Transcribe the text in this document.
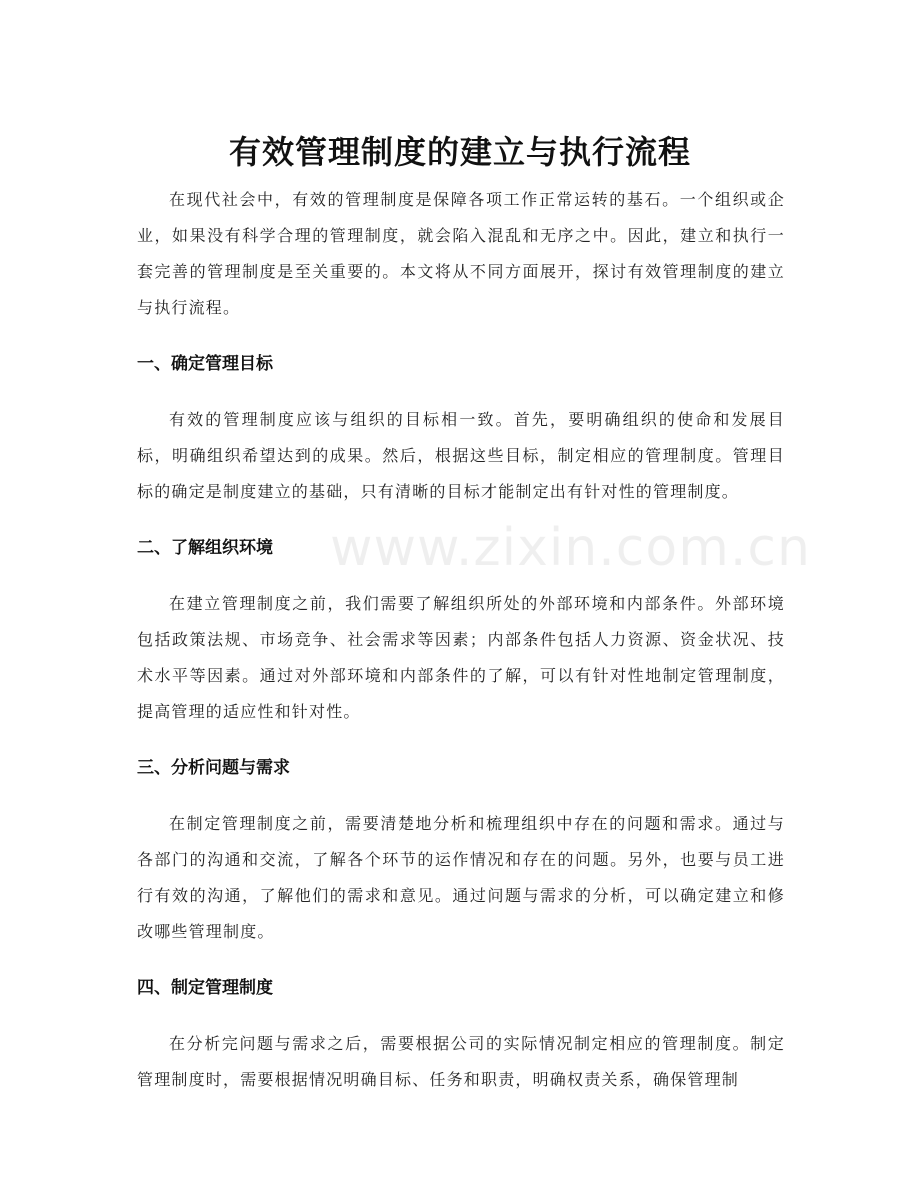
www.zixin.com.cn
有效管理制度的建立与执行流程

在现代社会中，有效的管理制度是保障各项工作正常运转的基石。一个组织或企业，如果没有科学合理的管理制度，就会陷入混乱和无序之中。因此，建立和执行一套完善的管理制度是至关重要的。本文将从不同方面展开，探讨有效管理制度的建立与执行流程。

一、确定管理目标

有效的管理制度应该与组织的目标相一致。首先，要明确组织的使命和发展目标，明确组织希望达到的成果。然后，根据这些目标，制定相应的管理制度。管理目标的确定是制度建立的基础，只有清晰的目标才能制定出有针对性的管理制度。

二、了解组织环境

在建立管理制度之前，我们需要了解组织所处的外部环境和内部条件。外部环境包括政策法规、市场竞争、社会需求等因素；内部条件包括人力资源、资金状况、技术水平等因素。通过对外部环境和内部条件的了解，可以有针对性地制定管理制度，提高管理的适应性和针对性。

三、分析问题与需求

在制定管理制度之前，需要清楚地分析和梳理组织中存在的问题和需求。通过与各部门的沟通和交流，了解各个环节的运作情况和存在的问题。另外，也要与员工进行有效的沟通，了解他们的需求和意见。通过问题与需求的分析，可以确定建立和修改哪些管理制度。

四、制定管理制度

在分析完问题与需求之后，需要根据公司的实际情况制定相应的管理制度。制定管理制度时，需要根据情况明确目标、任务和职责，明确权责关系，确保管理制
